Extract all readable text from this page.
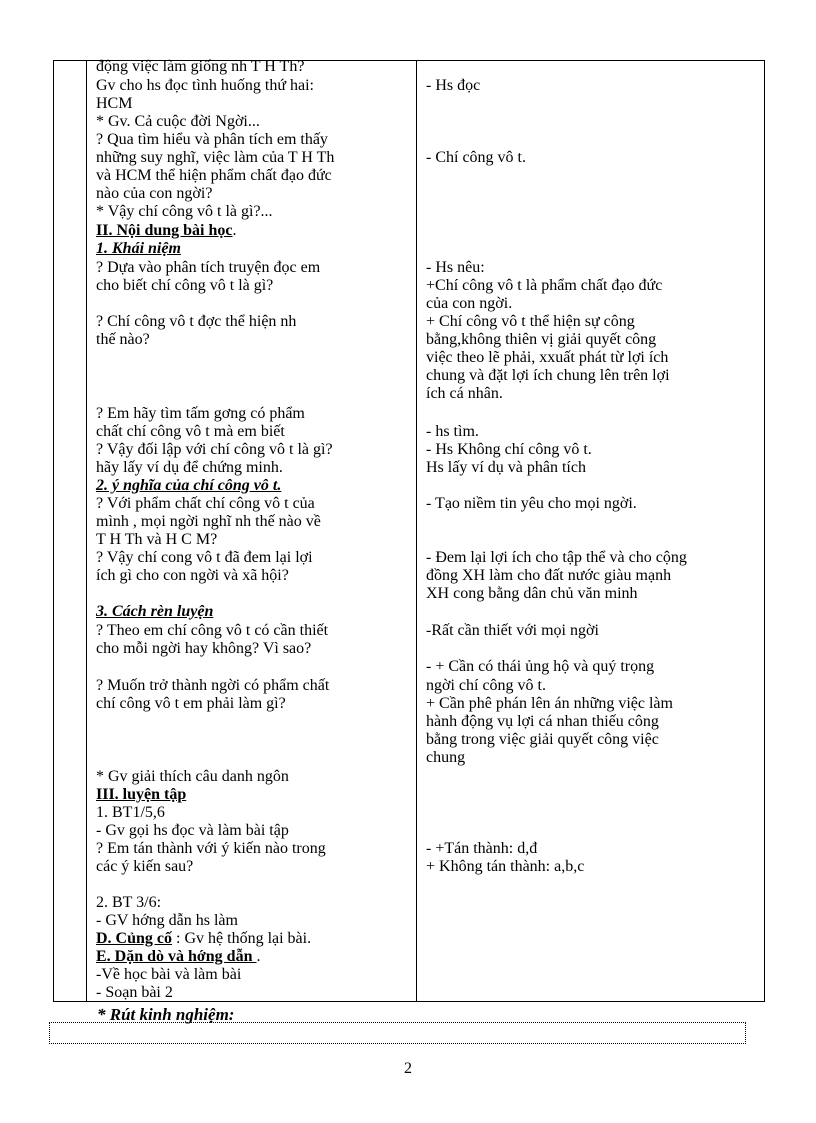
động việc làm giống nh T H Th?
Gv cho hs đọc tình huống thứ hai:
HCM
* Gv. Cả cuộc đời Ngời...
? Qua tìm hiểu và phân tích em thấy
những suy nghĩ, việc làm của T H Th
và HCM thể hiện phẩm chất đạo đức
nào của con ngời?
* Vậy chí công vô t là gì?...
II. Nội dung bài học.
1. Khái niệm
? Dựa vào phân tích truyện đọc em
cho biết chí công vô t là gì?
? Chí công vô t đợc thể hiện nh
thế nào?
? Em hãy tìm tấm gơng có phẩm
chất chí công vô t mà em biết
? Vậy đối lập với chí công vô t là gì?
hãy lấy ví dụ để chứng minh.
2. ý nghĩa của chí công vô t.
? Với phẩm chất chí công vô t của
mình , mọi ngời nghĩ nh thế nào về
T H Th và H C M?
? Vậy chí cong vô t đã đem lại lợi
ích gì cho con ngời và xã hội?
3. Cách rèn luyện
? Theo em chí công vô t có cần thiết
cho mỗi ngời hay không? Vì sao?
? Muốn trở thành ngời có phẩm chất
chí công vô t em phải làm gì?
* Gv giải thích câu danh ngôn
III. luyện tập
1. BT1/5,6
- Gv gọi hs đọc và làm bài tập
? Em tán thành với ý kiến nào trong
các ý kiến sau?
2. BT 3/6:
- GV hớng dẫn hs làm
D. Củng cố : Gv hệ thống lại bài.
E. Dặn dò và hớng dẫn .
-Về học bài và làm bài
- Soạn bài 2
- Hs đọc
- Chí công vô t.
- Hs nêu:
+Chí công vô t là phẩm chất đạo đức
của con ngời.
+ Chí công vô t thể hiện sự công
bằng,không thiên vị giải quyết công
việc theo lẽ phải, xxuất phát từ lợi ích
chung và đặt lợi ích chung lên trên lợi
ích cá nhân.
- hs tìm.
- Hs Không chí công vô t.
Hs lấy ví dụ và phân tích
- Tạo niềm tin yêu cho mọi ngời.
- Đem lại lợi ích cho tập thể và cho cộng
đồng XH làm cho đất nước giàu mạnh
XH cong bằng dân chủ văn minh
-Rất cần thiết với mọi ngời
- + Cần có thái ủng hộ và quý trọng
ngời chí công vô t.
+ Cần phê phán lên án những việc làm
hành động vụ lợi cá nhan thiếu công
bằng trong việc giải quyết công việc
chung
- +Tán thành: d,đ
+ Không tán thành: a,b,c
* Rút kinh nghiệm:
2
